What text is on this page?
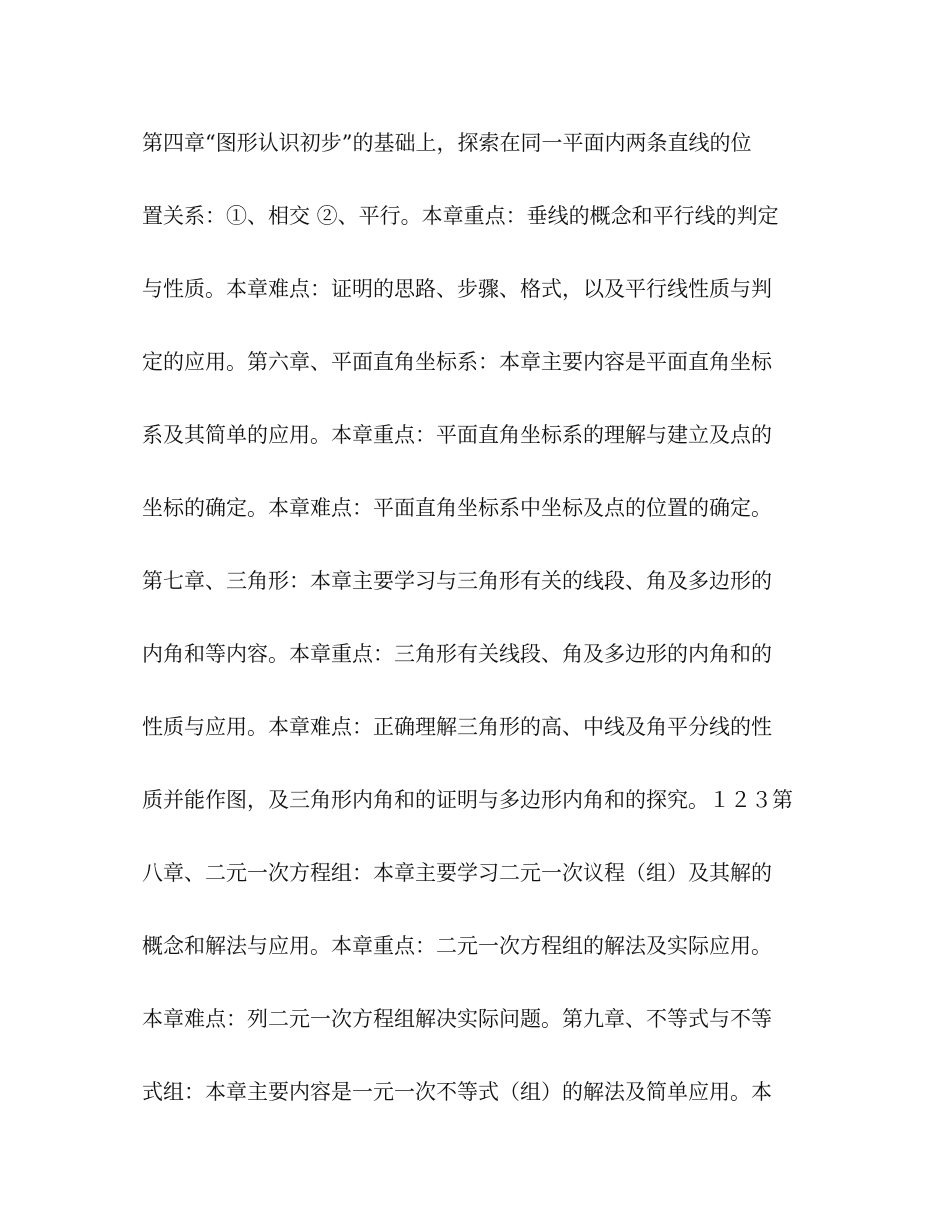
第四章“图形认识初步”的基础上，探索在同一平面内两条直线的位
置关系：①、相交 ②、平行。本章重点：垂线的概念和平行线的判定
与性质。本章难点：证明的思路、步骤、格式，以及平行线性质与判
定的应用。第六章、平面直角坐标系：本章主要内容是平面直角坐标
系及其简单的应用。本章重点：平面直角坐标系的理解与建立及点的
坐标的确定。本章难点：平面直角坐标系中坐标及点的位置的确定。
第七章、三角形：本章主要学习与三角形有关的线段、角及多边形的
内角和等内容。本章重点：三角形有关线段、角及多边形的内角和的
性质与应用。本章难点：正确理解三角形的高、中线及角平分线的性
质并能作图，及三角形内角和的证明与多边形内角和的探究。１２３第
八章、二元一次方程组：本章主要学习二元一次议程（组）及其解的
概念和解法与应用。本章重点：二元一次方程组的解法及实际应用。
本章难点：列二元一次方程组解决实际问题。第九章、不等式与不等
式组：本章主要内容是一元一次不等式（组）的解法及简单应用。本
